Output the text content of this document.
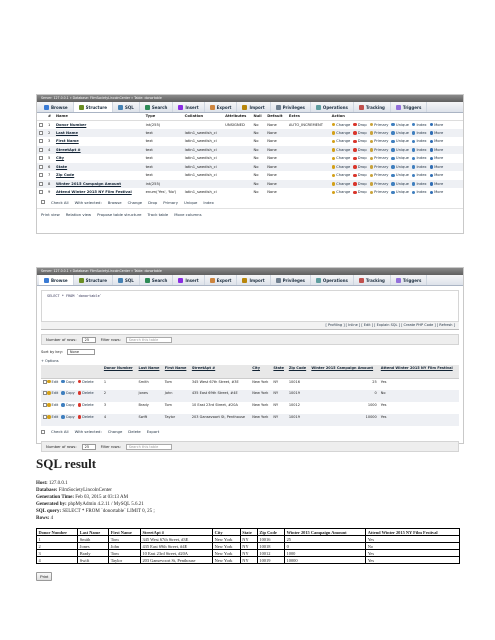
Server: 127.0.0.1 » Database: FilmSocietyLincolnCenter » Table: donortable
Browse	Structure	SQL	Search	Insert	Export	Import	Privileges	Operations	Tracking	Triggers
	#	Name	Type	Collation	Attributes	Null	Default	Extra	Action
	1	Donor Number	int(255)		UNSIGNED	No	None	AUTO_INCREMENT	Change Drop Primary Unique Index More
	2	Last Name	text	latin1_swedish_ci		No	None		Change Drop Primary Unique Index More
	3	First Name	text	latin1_swedish_ci		No	None		Change Drop Primary Unique Index More
	4	StreetApt #	text	latin1_swedish_ci		No	None		Change Drop Primary Unique Index More
	5	City	text	latin1_swedish_ci		No	None		Change Drop Primary Unique Index More
	6	State	text	latin1_swedish_ci		No	None		Change Drop Primary Unique Index More
	7	Zip Code	text	latin1_swedish_ci		No	None		Change Drop Primary Unique Index More
	8	Winter 2015 Campaign Amount	int(255)			No	None		Change Drop Primary Unique Index More
	9	Attend Winter 2015 NY Film Festival	enum('Yes', 'No')	latin1_swedish_ci		No	None		Change Drop Primary Unique Index More
Check All With selected: Browse Change Drop Primary Unique Index
Print view Relation view Propose table structure Track table Move columns
Server: 127.0.0.1 » Database: FilmSocietyLincolnCenter » Table: donortable
Browse	Structure	SQL	Search	Insert	Export	Import	Privileges	Operations	Tracking	Triggers
SELECT * FROM `donortable`
[ Profiling ] [ Inline ] [ Edit ] [ Explain SQL ] [ Create PHP Code ] [ Refresh ]
Number of rows:	25	Filter rows:	Search this table
Sort by key:	None
+ Options
	Donor Number	Last Name	First Name	StreetApt #	City	State	Zip Code	Winter 2015 Campaign Amount	Attend Winter 2015 NY Film Festival
Edit Copy Delete	1	Smith	Tom	345 West 67th Street, #3E	New York	NY	10016	25	Yes
Edit Copy Delete	2	Jones	John	435 East 69th Street, #4E	New York	NY	10019	0	No
Edit Copy Delete	3	Brady	Tom	10 East 23rd Street, #20A	New York	NY	10012	1000	Yes
Edit Copy Delete	4	Swift	Taylor	203 Gansevoort St, Penthouse	New York	NY	10019	10000	Yes
Check All With selected: Change Delete Export
Number of rows:	25	Filter rows:	Search this table
SQL result
Host: 127.0.0.1
Database: FilmSocietyLincolnCenter
Generation Time: Feb 03, 2015 at 03:13 AM
Generated by: phpMyAdmin 4.2.11 / MySQL 5.6.21
SQL query: SELECT * FROM `donortable` LIMIT 0, 25 ;
Rows: 4
Donor Number	Last Name	First Name	StreetApt #	City	State	Zip Code	Winter 2015 Campaign Amount	Attend Winter 2015 NY Film Festival
1	Smith	Tom	345 West 67th Street, #3E	New York	NY	10016	25	Yes
2	Jones	John	435 East 69th Street, #4E	New York	NY	10018	0	No
3	Brady	Tom	10 East 23rd Street, #20A	New York	NY	10012	1000	Yes
4	Swift	Taylor	203 Gansevoort St, Penthouse	New York	NY	10019	10000	Yes
Print
